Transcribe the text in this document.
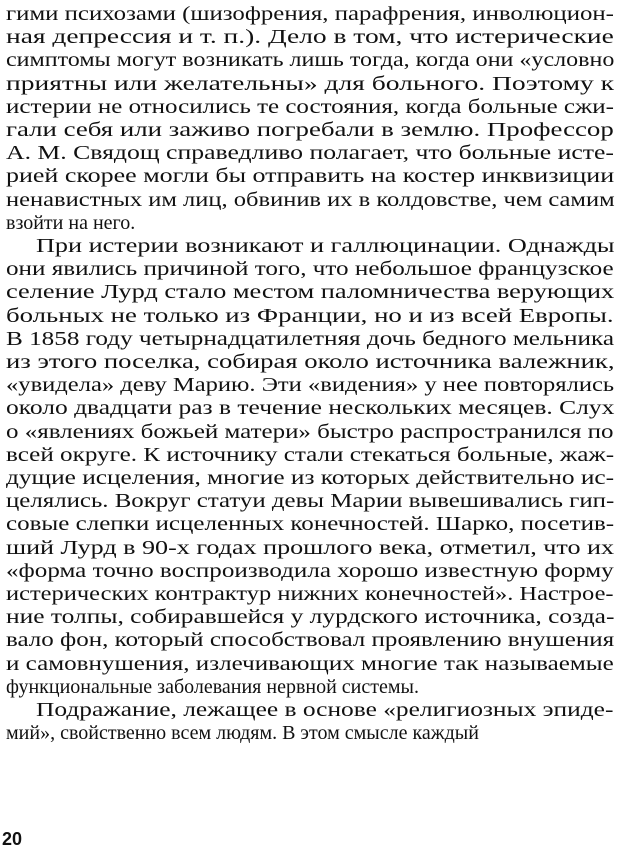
гими психозами (шизофрения, парафрения, инволюцион-
ная депрессия и т. п.). Дело в том, что истерические
симптомы могут возникать лишь тогда, когда они «условно
приятны или желательны» для больного. Поэтому к
истерии не относились те состояния, когда больные сжи-
гали себя или заживо погребали в землю. Профессор
А. М. Свядощ справедливо полагает, что больные исте-
рией скорее могли бы отправить на костер инквизиции
ненавистных им лиц, обвинив их в колдовстве, чем самим
взойти на него.
При истерии возникают и галлюцинации. Однажды
они явились причиной того, что небольшое французское
селение Лурд стало местом паломничества верующих
больных не только из Франции, но и из всей Европы.
В 1858 году четырнадцатилетняя дочь бедного мельника
из этого поселка, собирая около источника валежник,
«увидела» деву Марию. Эти «видения» у нее повторялись
около двадцати раз в течение нескольких месяцев. Слух
о «явлениях божьей матери» быстро распространился по
всей округе. К источнику стали стекаться больные, жаж-
дущие исцеления, многие из которых действительно ис-
целялись. Вокруг статуи девы Марии вывешивались гип-
совые слепки исцеленных конечностей. Шарко, посетив-
ший Лурд в 90-х годах прошлого века, отметил, что их
«форма точно воспроизводила хорошо известную форму
истерических контрактур нижних конечностей». Настрое-
ние толпы, собиравшейся у лурдского источника, созда-
вало фон, который способствовал проявлению внушения
и самовнушения, излечивающих многие так называемые
функциональные заболевания нервной системы.
Подражание, лежащее в основе «религиозных эпиде-
мий», свойственно всем людям. В этом смысле каждый
20
